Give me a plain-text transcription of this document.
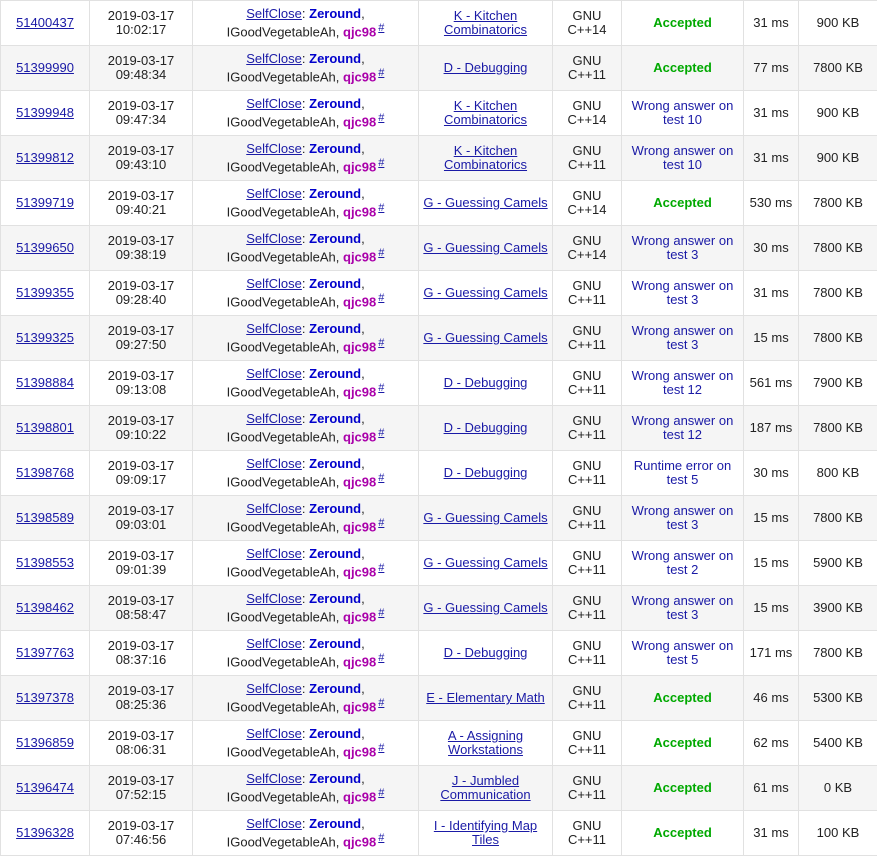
51400437	2019-03-17
10:02:17	SelfClose: Zeround,
IGoodVegetableAh, qjc98 #	K - Kitchen
Combinatorics	GNU
C++14	Accepted	31 ms	900 KB
51399990	2019-03-17
09:48:34	SelfClose: Zeround,
IGoodVegetableAh, qjc98 #	D - Debugging	GNU
C++11	Accepted	77 ms	7800 KB
51399948	2019-03-17
09:47:34	SelfClose: Zeround,
IGoodVegetableAh, qjc98 #	K - Kitchen
Combinatorics	GNU
C++14	Wrong answer on
test 10	31 ms	900 KB
51399812	2019-03-17
09:43:10	SelfClose: Zeround,
IGoodVegetableAh, qjc98 #	K - Kitchen
Combinatorics	GNU
C++11	Wrong answer on
test 10	31 ms	900 KB
51399719	2019-03-17
09:40:21	SelfClose: Zeround,
IGoodVegetableAh, qjc98 #	G - Guessing Camels	GNU
C++14	Accepted	530 ms	7800 KB
51399650	2019-03-17
09:38:19	SelfClose: Zeround,
IGoodVegetableAh, qjc98 #	G - Guessing Camels	GNU
C++14	Wrong answer on
test 3	30 ms	7800 KB
51399355	2019-03-17
09:28:40	SelfClose: Zeround,
IGoodVegetableAh, qjc98 #	G - Guessing Camels	GNU
C++11	Wrong answer on
test 3	31 ms	7800 KB
51399325	2019-03-17
09:27:50	SelfClose: Zeround,
IGoodVegetableAh, qjc98 #	G - Guessing Camels	GNU
C++11	Wrong answer on
test 3	15 ms	7800 KB
51398884	2019-03-17
09:13:08	SelfClose: Zeround,
IGoodVegetableAh, qjc98 #	D - Debugging	GNU
C++11	Wrong answer on
test 12	561 ms	7900 KB
51398801	2019-03-17
09:10:22	SelfClose: Zeround,
IGoodVegetableAh, qjc98 #	D - Debugging	GNU
C++11	Wrong answer on
test 12	187 ms	7800 KB
51398768	2019-03-17
09:09:17	SelfClose: Zeround,
IGoodVegetableAh, qjc98 #	D - Debugging	GNU
C++11	Runtime error on
test 5	30 ms	800 KB
51398589	2019-03-17
09:03:01	SelfClose: Zeround,
IGoodVegetableAh, qjc98 #	G - Guessing Camels	GNU
C++11	Wrong answer on
test 3	15 ms	7800 KB
51398553	2019-03-17
09:01:39	SelfClose: Zeround,
IGoodVegetableAh, qjc98 #	G - Guessing Camels	GNU
C++11	Wrong answer on
test 2	15 ms	5900 KB
51398462	2019-03-17
08:58:47	SelfClose: Zeround,
IGoodVegetableAh, qjc98 #	G - Guessing Camels	GNU
C++11	Wrong answer on
test 3	15 ms	3900 KB
51397763	2019-03-17
08:37:16	SelfClose: Zeround,
IGoodVegetableAh, qjc98 #	D - Debugging	GNU
C++11	Wrong answer on
test 5	171 ms	7800 KB
51397378	2019-03-17
08:25:36	SelfClose: Zeround,
IGoodVegetableAh, qjc98 #	E - Elementary Math	GNU
C++11	Accepted	46 ms	5300 KB
51396859	2019-03-17
08:06:31	SelfClose: Zeround,
IGoodVegetableAh, qjc98 #	A - Assigning
Workstations	GNU
C++11	Accepted	62 ms	5400 KB
51396474	2019-03-17
07:52:15	SelfClose: Zeround,
IGoodVegetableAh, qjc98 #	J - Jumbled
Communication	GNU
C++11	Accepted	61 ms	0 KB
51396328	2019-03-17
07:46:56	SelfClose: Zeround,
IGoodVegetableAh, qjc98 #	I - Identifying Map
Tiles	GNU
C++11	Accepted	31 ms	100 KB
